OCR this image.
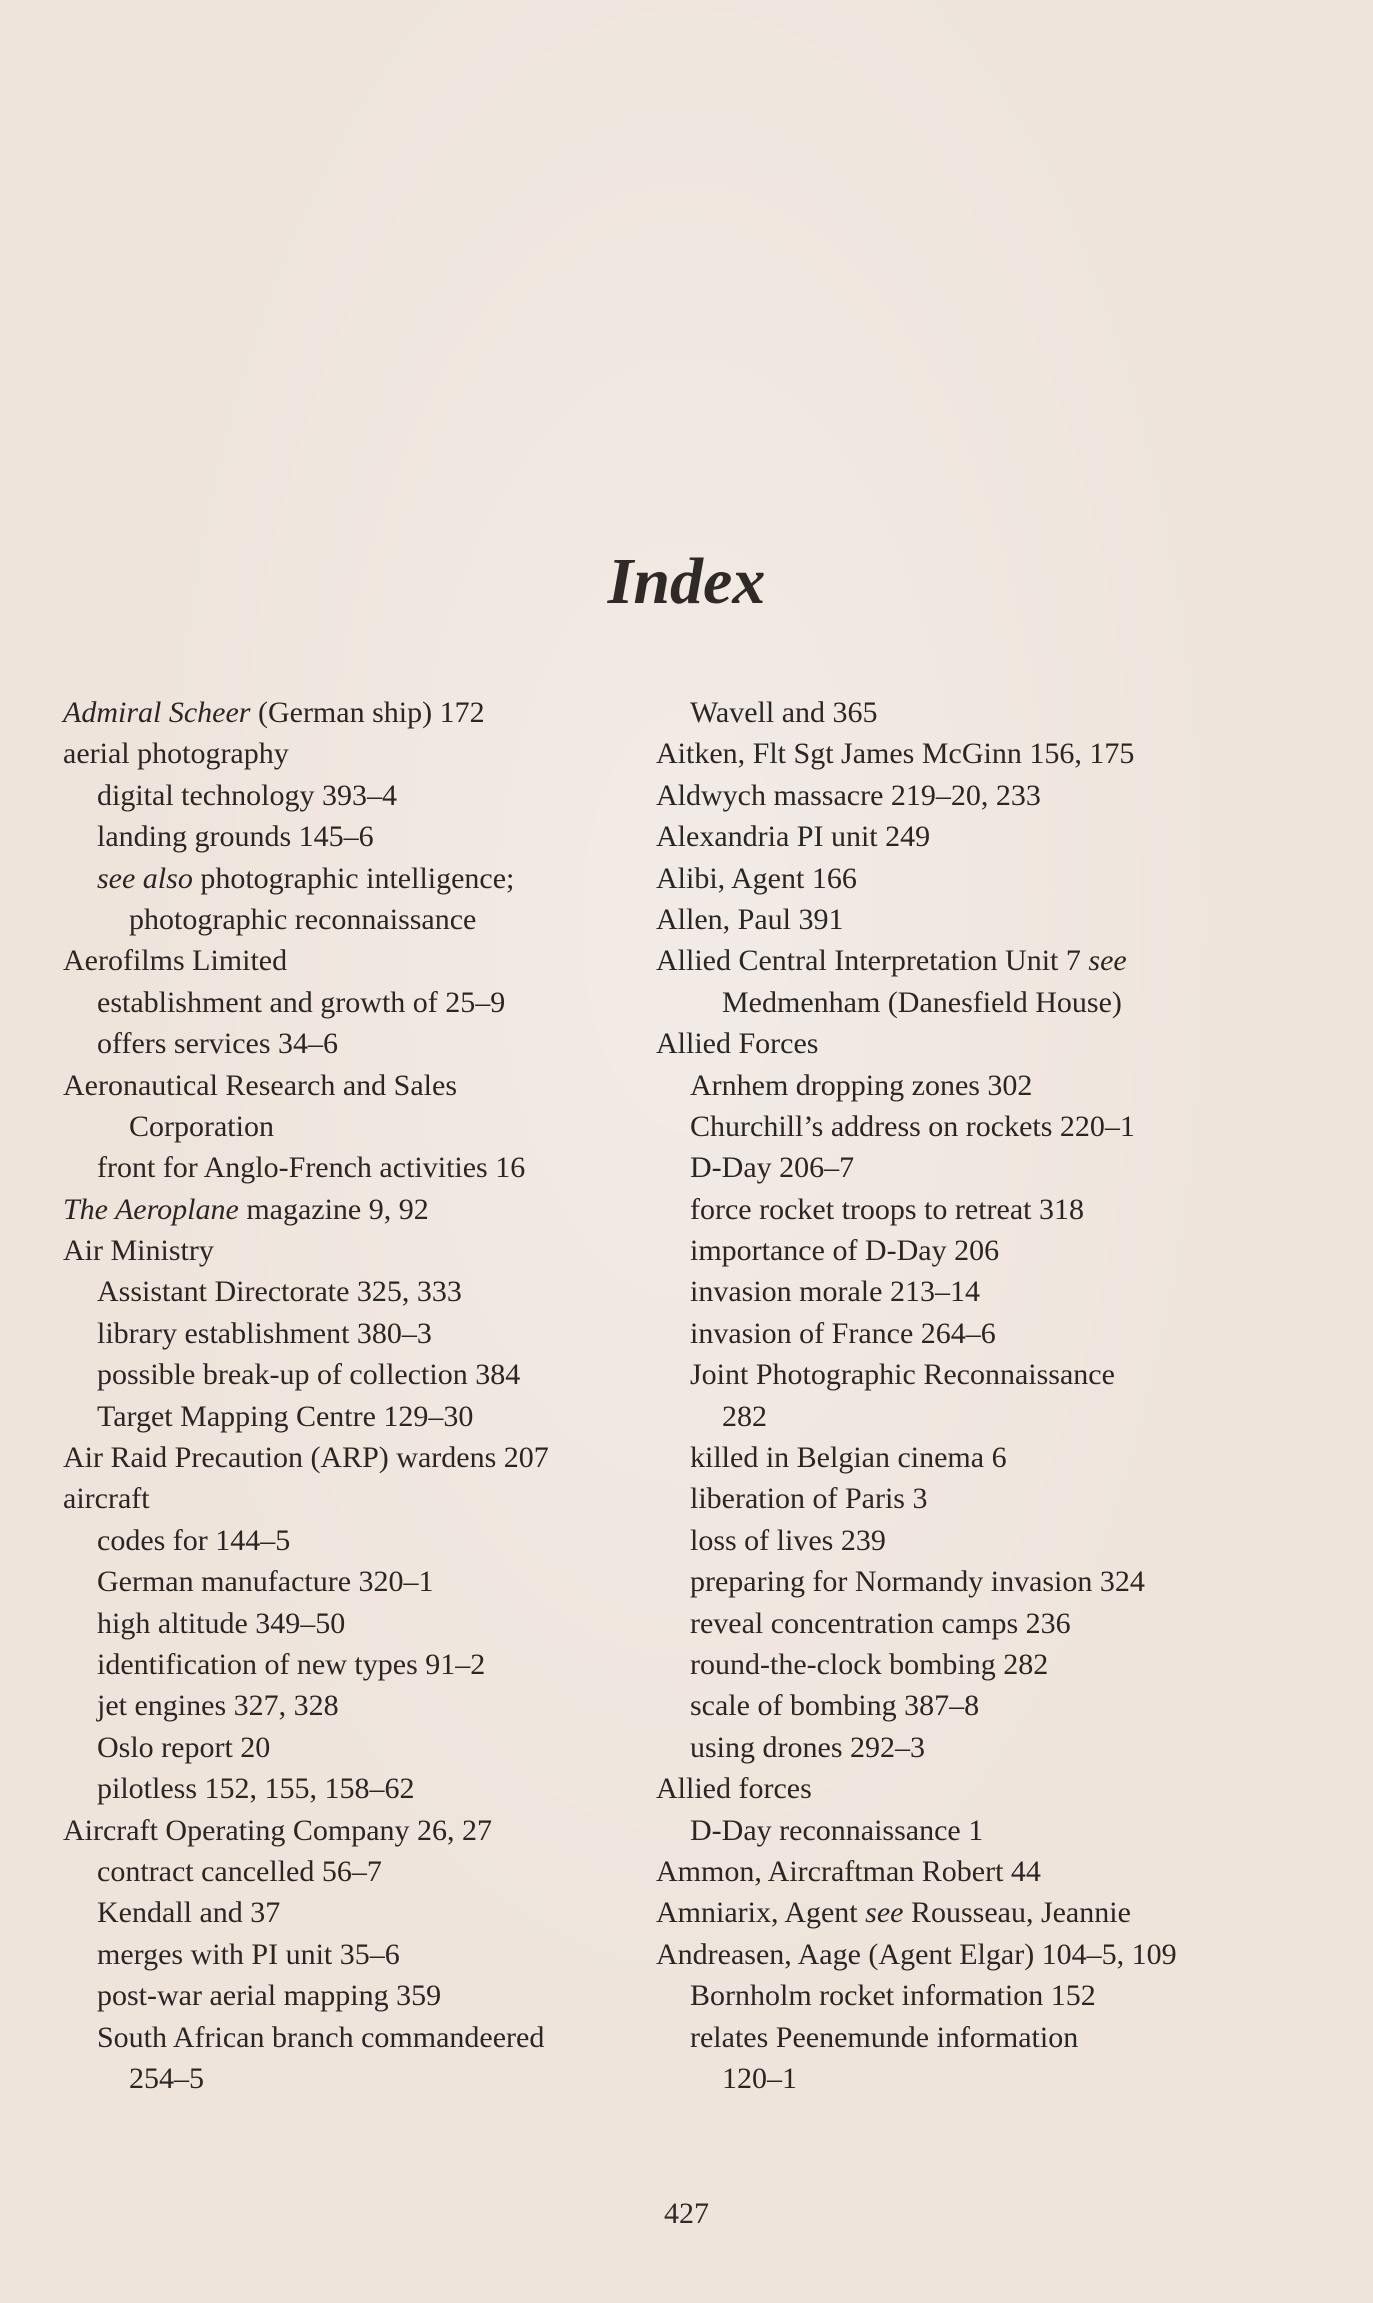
Index
Admiral Scheer (German ship) 172
aerial photography
digital technology 393–4
landing grounds 145–6
see also photographic intelligence;
photographic reconnaissance
Aerofilms Limited
establishment and growth of 25–9
offers services 34–6
Aeronautical Research and Sales
Corporation
front for Anglo-French activities 16
The Aeroplane magazine 9, 92
Air Ministry
Assistant Directorate 325, 333
library establishment 380–3
possible break-up of collection 384
Target Mapping Centre 129–30
Air Raid Precaution (ARP) wardens 207
aircraft
codes for 144–5
German manufacture 320–1
high altitude 349–50
identification of new types 91–2
jet engines 327, 328
Oslo report 20
pilotless 152, 155, 158–62
Aircraft Operating Company 26, 27
contract cancelled 56–7
Kendall and 37
merges with PI unit 35–6
post-war aerial mapping 359
South African branch commandeered
254–5
Wavell and 365
Aitken, Flt Sgt James McGinn 156, 175
Aldwych massacre 219–20, 233
Alexandria PI unit 249
Alibi, Agent 166
Allen, Paul 391
Allied Central Interpretation Unit 7 see
Medmenham (Danesfield House)
Allied Forces
Arnhem dropping zones 302
Churchill’s address on rockets 220–1
D-Day 206–7
force rocket troops to retreat 318
importance of D-Day 206
invasion morale 213–14
invasion of France 264–6
Joint Photographic Reconnaissance
282
killed in Belgian cinema 6
liberation of Paris 3
loss of lives 239
preparing for Normandy invasion 324
reveal concentration camps 236
round-the-clock bombing 282
scale of bombing 387–8
using drones 292–3
Allied forces
D-Day reconnaissance 1
Ammon, Aircraftman Robert 44
Amniarix, Agent see Rousseau, Jeannie
Andreasen, Aage (Agent Elgar) 104–5, 109
Bornholm rocket information 152
relates Peenemunde information
120–1
427
